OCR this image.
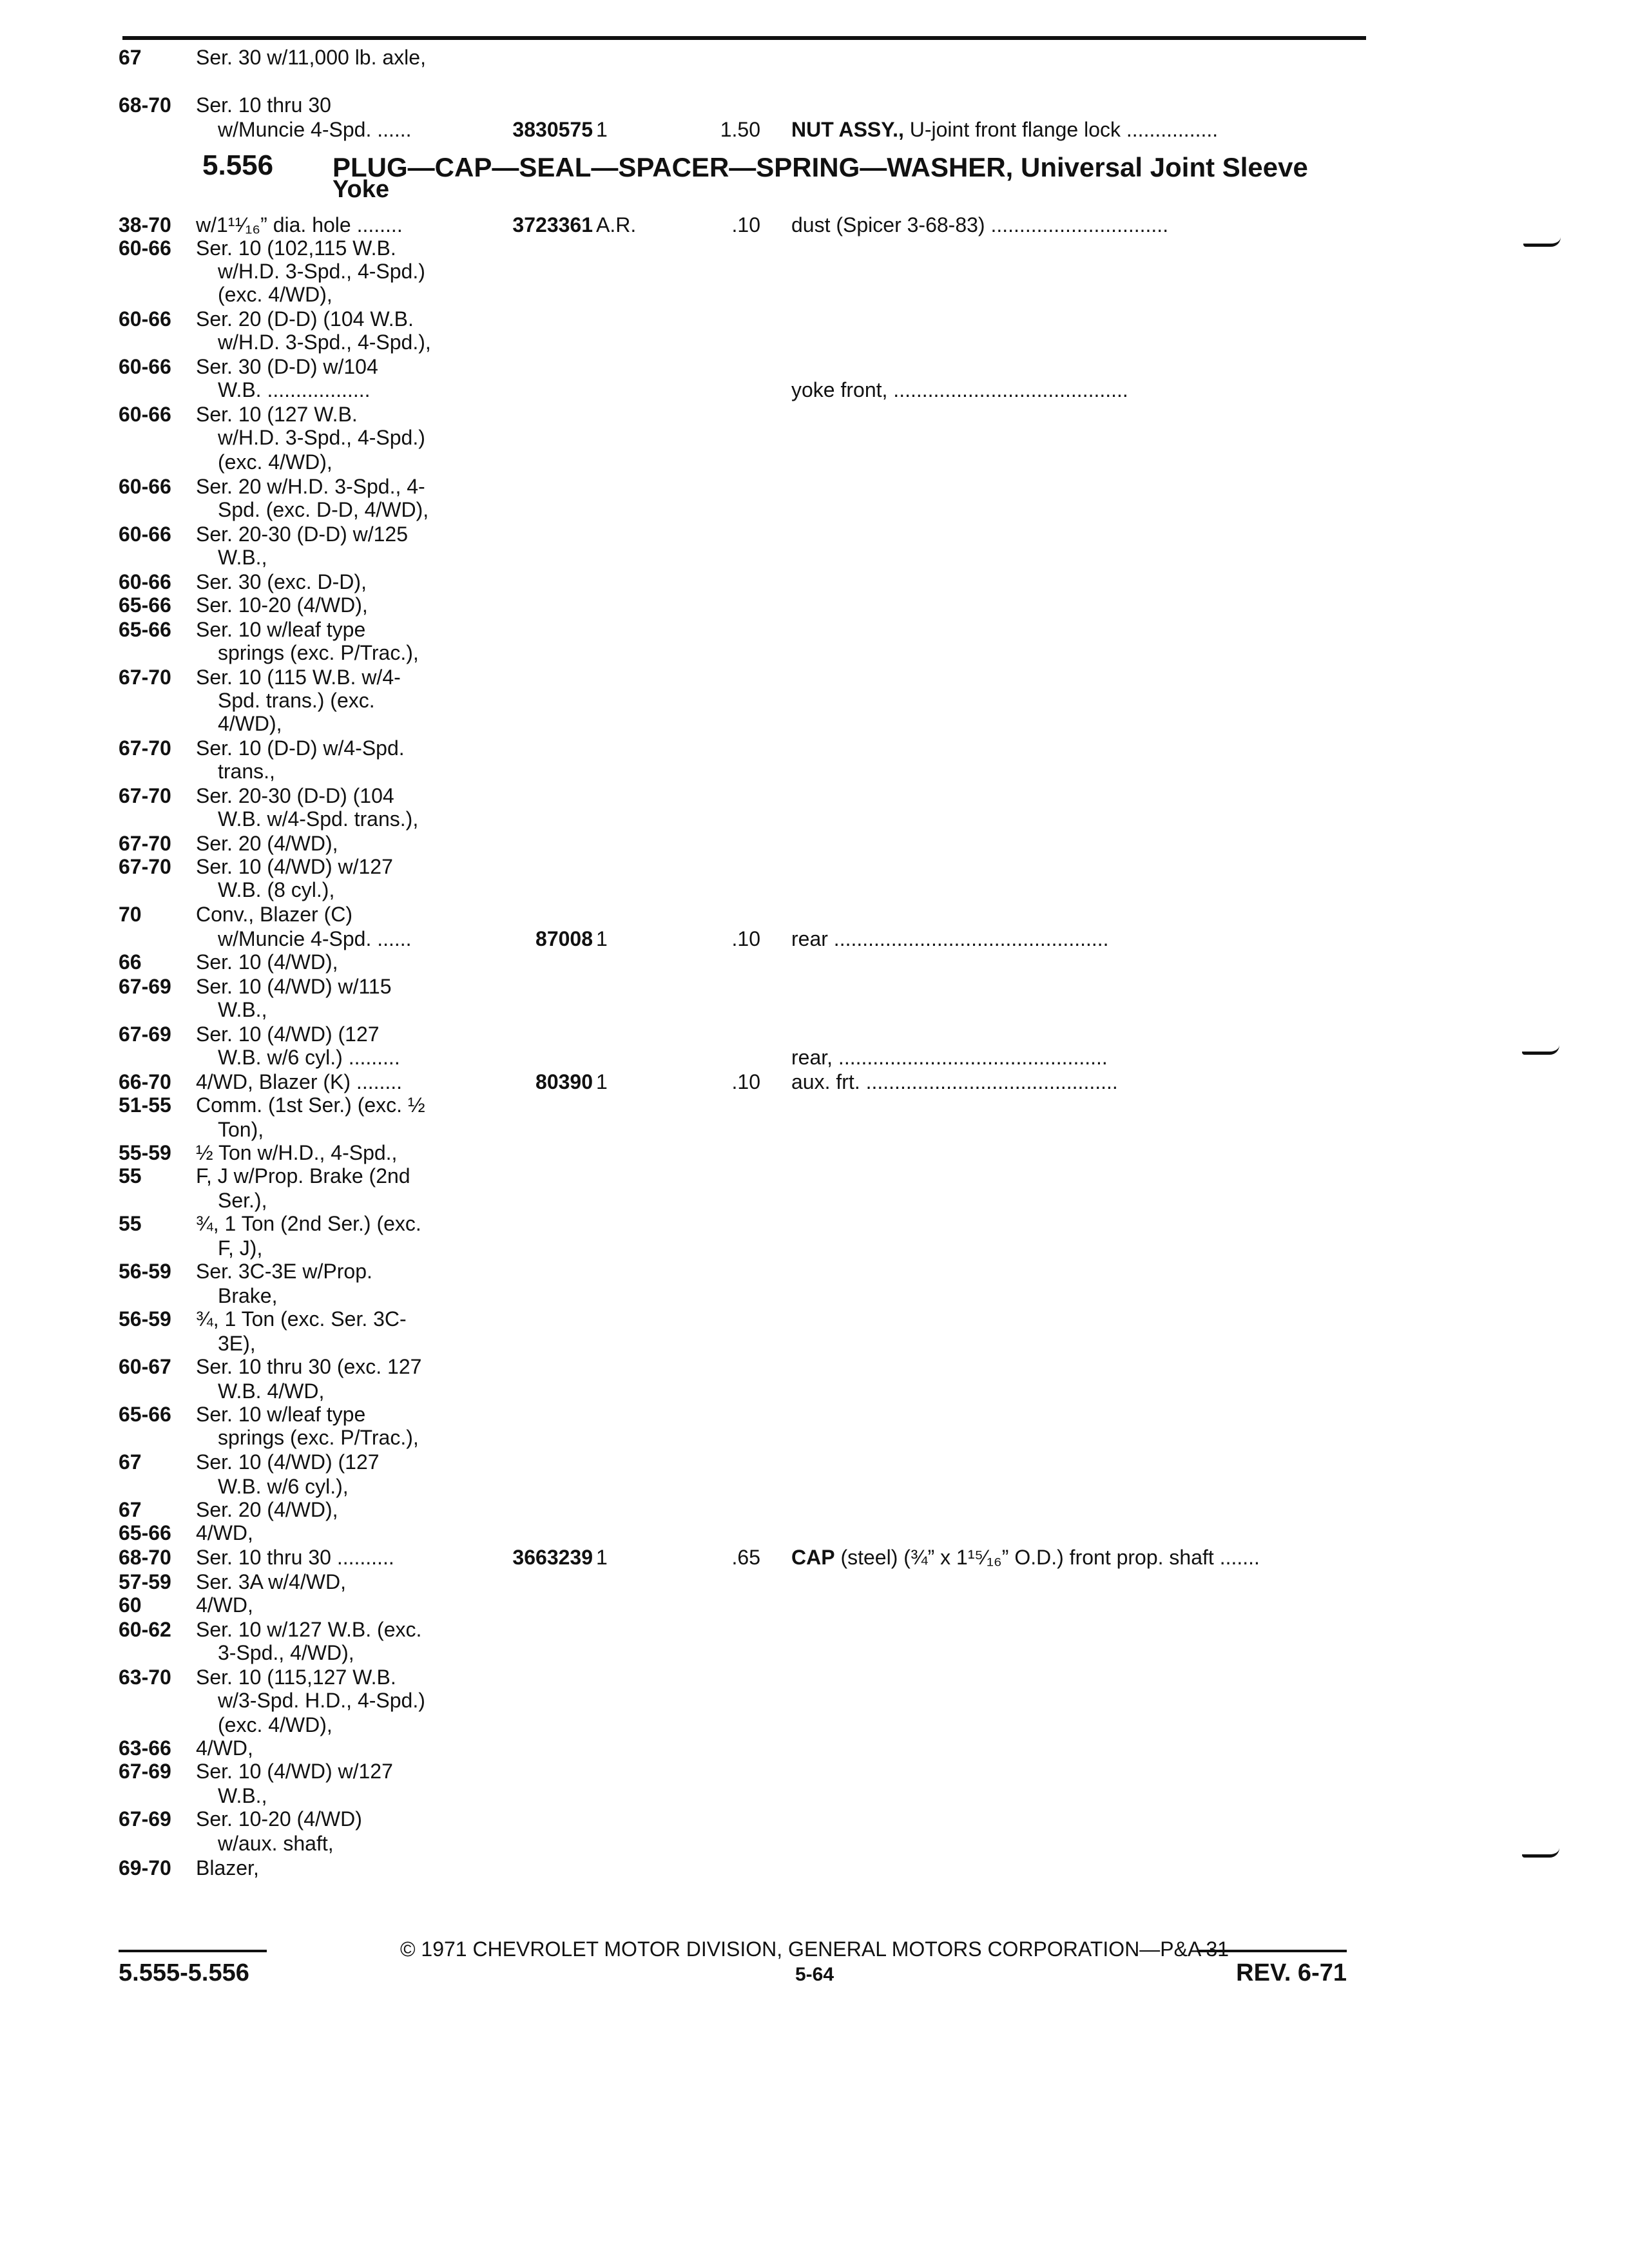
5.556 PLUG—CAP—SEAL—SPACER—SPRING—WASHER, Universal Joint Sleeve
Yoke
67	Ser. 30 w/11,000 lb. axle,
68-70 Ser. 10 thru 30
w/Muncie 4-Spd. ......	3830575 1	1.50 NUT ASSY., U-joint front flange lock ................
38-70 w/1¹¹⁄₁₆” dia. hole ........	3723361 A.R.	.10 dust (Spicer 3-68-83) ...............................
60-66 Ser. 10 (102,115 W.B.
w/H.D. 3-Spd., 4-Spd.)
(exc. 4/WD),
60-66 Ser. 20 (D-D) (104 W.B.
w/H.D. 3-Spd., 4-Spd.),
60-66 Ser. 30 (D-D) w/104
W.B. ..................	yoke front, .........................................
60-66 Ser. 10 (127 W.B.
w/H.D. 3-Spd., 4-Spd.)
(exc. 4/WD),
60-66 Ser. 20 w/H.D. 3-Spd., 4-
Spd. (exc. D-D, 4/WD),
60-66 Ser. 20-30 (D-D) w/125
W.B.,
60-66 Ser. 30 (exc. D-D),
65-66 Ser. 10-20 (4/WD),
65-66 Ser. 10 w/leaf type
springs (exc. P/Trac.),
67-70 Ser. 10 (115 W.B. w/4-
Spd. trans.) (exc.
4/WD),
67-70 Ser. 10 (D-D) w/4-Spd.
trans.,
67-70 Ser. 20-30 (D-D) (104
W.B. w/4-Spd. trans.),
67-70 Ser. 20 (4/WD),
67-70 Ser. 10 (4/WD) w/127
W.B. (8 cyl.),
70	Conv., Blazer (C)
w/Muncie 4-Spd. ......	87008 1	.10 rear ................................................
66	Ser. 10 (4/WD),
67-69 Ser. 10 (4/WD) w/115
W.B.,
67-69 Ser. 10 (4/WD) (127
W.B. w/6 cyl.) .........	rear, ...............................................
66-70 4/WD, Blazer (K) ........	80390 1	.10 aux. frt. ............................................
51-55 Comm. (1st Ser.) (exc. ½
Ton),
55-59 ½ Ton w/H.D., 4-Spd.,
55	F, J w/Prop. Brake (2nd
Ser.),
55	¾, 1 Ton (2nd Ser.) (exc.
F, J),
56-59 Ser. 3C-3E w/Prop.
Brake,
56-59 ¾, 1 Ton (exc. Ser. 3C-
3E),
60-67 Ser. 10 thru 30 (exc. 127
W.B. 4/WD,
65-66 Ser. 10 w/leaf type
springs (exc. P/Trac.),
67	Ser. 10 (4/WD) (127
W.B. w/6 cyl.),
67	Ser. 20 (4/WD),
65-66 4/WD,
68-70 Ser. 10 thru 30 ..........	3663239 1	.65 CAP (steel) (¾” x 1¹⁵⁄₁₆” O.D.) front prop. shaft .......
57-59 Ser. 3A w/4/WD,
60	4/WD,
60-62 Ser. 10 w/127 W.B. (exc.
3-Spd., 4/WD),
63-70 Ser. 10 (115,127 W.B.
w/3-Spd. H.D., 4-Spd.)
(exc. 4/WD),
63-66 4/WD,
67-69 Ser. 10 (4/WD) w/127
W.B.,
67-69 Ser. 10-20 (4/WD)
w/aux. shaft,
69-70 Blazer,
© 1971 CHEVROLET MOTOR DIVISION, GENERAL MOTORS CORPORATION—P&A 31
5.555-5.556	5-64	REV. 6-71
